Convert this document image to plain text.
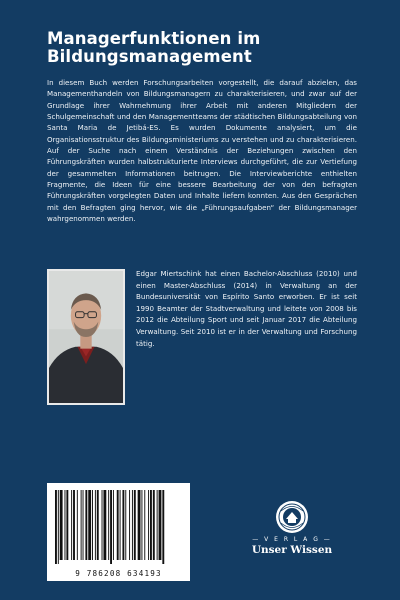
Managerfunktionen im Bildungsmanagement

In diesem Buch werden Forschungsarbeiten vorgestellt, die darauf abzielen, das Managementhandeln von Bildungsmanagern zu charakterisieren, und zwar auf der Grundlage ihrer Wahrnehmung ihrer Arbeit mit anderen Mitgliedern der Schulgemeinschaft und den Managementteams der städtischen Bildungsabteilung von Santa Maria de Jetibá-ES. Es wurden Dokumente analysiert, um die Organisationsstruktur des Bildungsministeriums zu verstehen und zu charakterisieren. Auf der Suche nach einem Verständnis der Beziehungen zwischen den Führungskräften wurden halbstrukturierte Interviews durchgeführt, die zur Vertiefung der gesammelten Informationen beitrugen. Die Interviewberichte enthielten Fragmente, die Ideen für eine bessere Bearbeitung der von den befragten Führungskräften vorgelegten Daten und Inhalte liefern konnten. Aus den Gesprächen mit den Befragten ging hervor, wie die „Führungsaufgaben“ der Bildungsmanager wahrgenommen werden.

Edgar Miertschink hat einen Bachelor-Abschluss (2010) und einen Master-Abschluss (2014) in Verwaltung an der Bundesuniversität von Espírito Santo erworben. Er ist seit 1990 Beamter der Stadtverwaltung und leitete von 2008 bis 2012 die Abteilung Sport und seit Januar 2017 die Abteilung Verwaltung. Seit 2010 ist er in der Verwaltung und Forschung tätig.

9 786208 634193
— V E R L A G —
Unser Wissen
